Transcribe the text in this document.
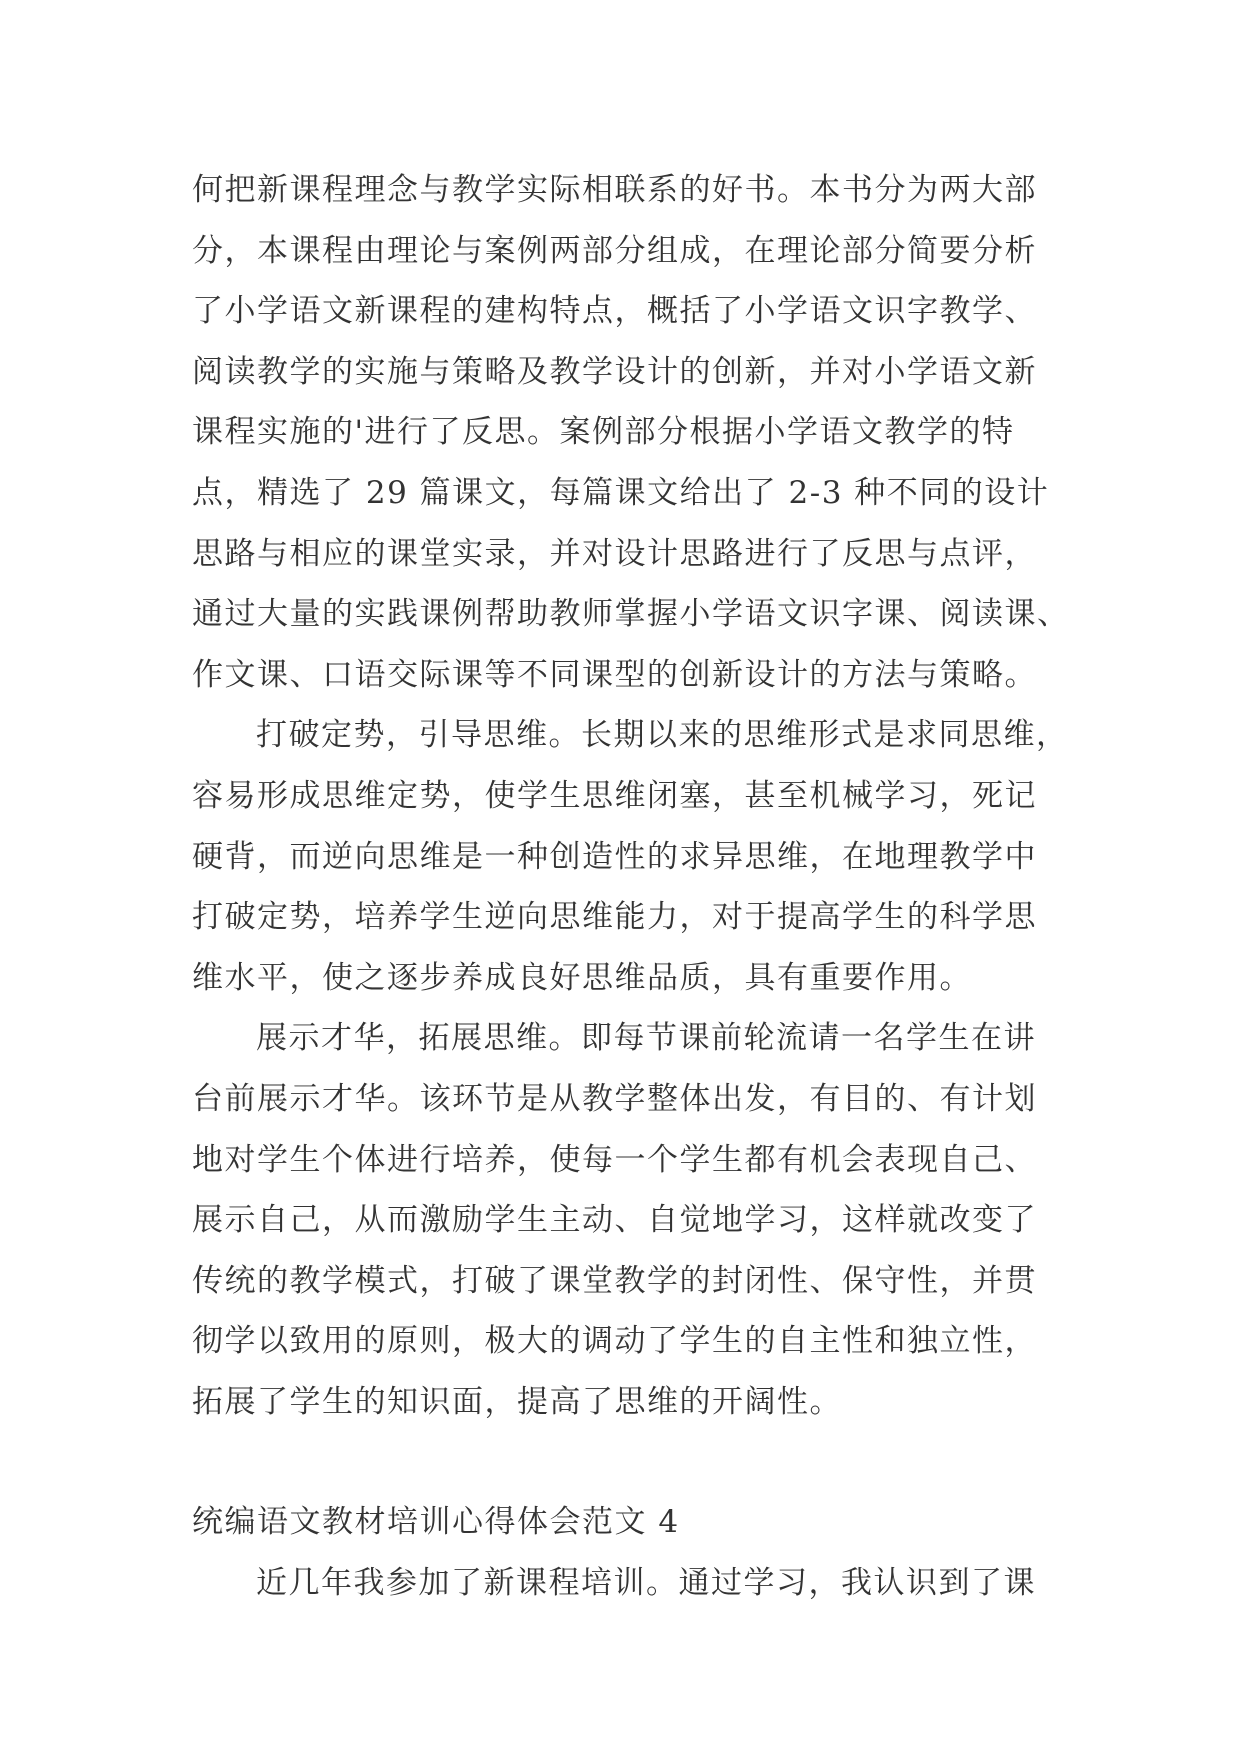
何把新课程理念与教学实际相联系的好书。本书分为两大部
分，本课程由理论与案例两部分组成，在理论部分简要分析
了小学语文新课程的建构特点，概括了小学语文识字教学、
阅读教学的实施与策略及教学设计的创新，并对小学语文新
课程实施的'进行了反思。案例部分根据小学语文教学的特
点，精选了 29 篇课文，每篇课文给出了 2-3 种不同的设计
思路与相应的课堂实录，并对设计思路进行了反思与点评，
通过大量的实践课例帮助教师掌握小学语文识字课、阅读课、
作文课、口语交际课等不同课型的创新设计的方法与策略。
打破定势，引导思维。长期以来的思维形式是求同思维，
容易形成思维定势，使学生思维闭塞，甚至机械学习，死记
硬背，而逆向思维是一种创造性的求异思维，在地理教学中
打破定势，培养学生逆向思维能力，对于提高学生的科学思
维水平，使之逐步养成良好思维品质，具有重要作用。
展示才华，拓展思维。即每节课前轮流请一名学生在讲
台前展示才华。该环节是从教学整体出发，有目的、有计划
地对学生个体进行培养，使每一个学生都有机会表现自己、
展示自己，从而激励学生主动、自觉地学习，这样就改变了
传统的教学模式，打破了课堂教学的封闭性、保守性，并贯
彻学以致用的原则，极大的调动了学生的自主性和独立性，
拓展了学生的知识面，提高了思维的开阔性。
统编语文教材培训心得体会范文 4
近几年我参加了新课程培训。通过学习，我认识到了课
